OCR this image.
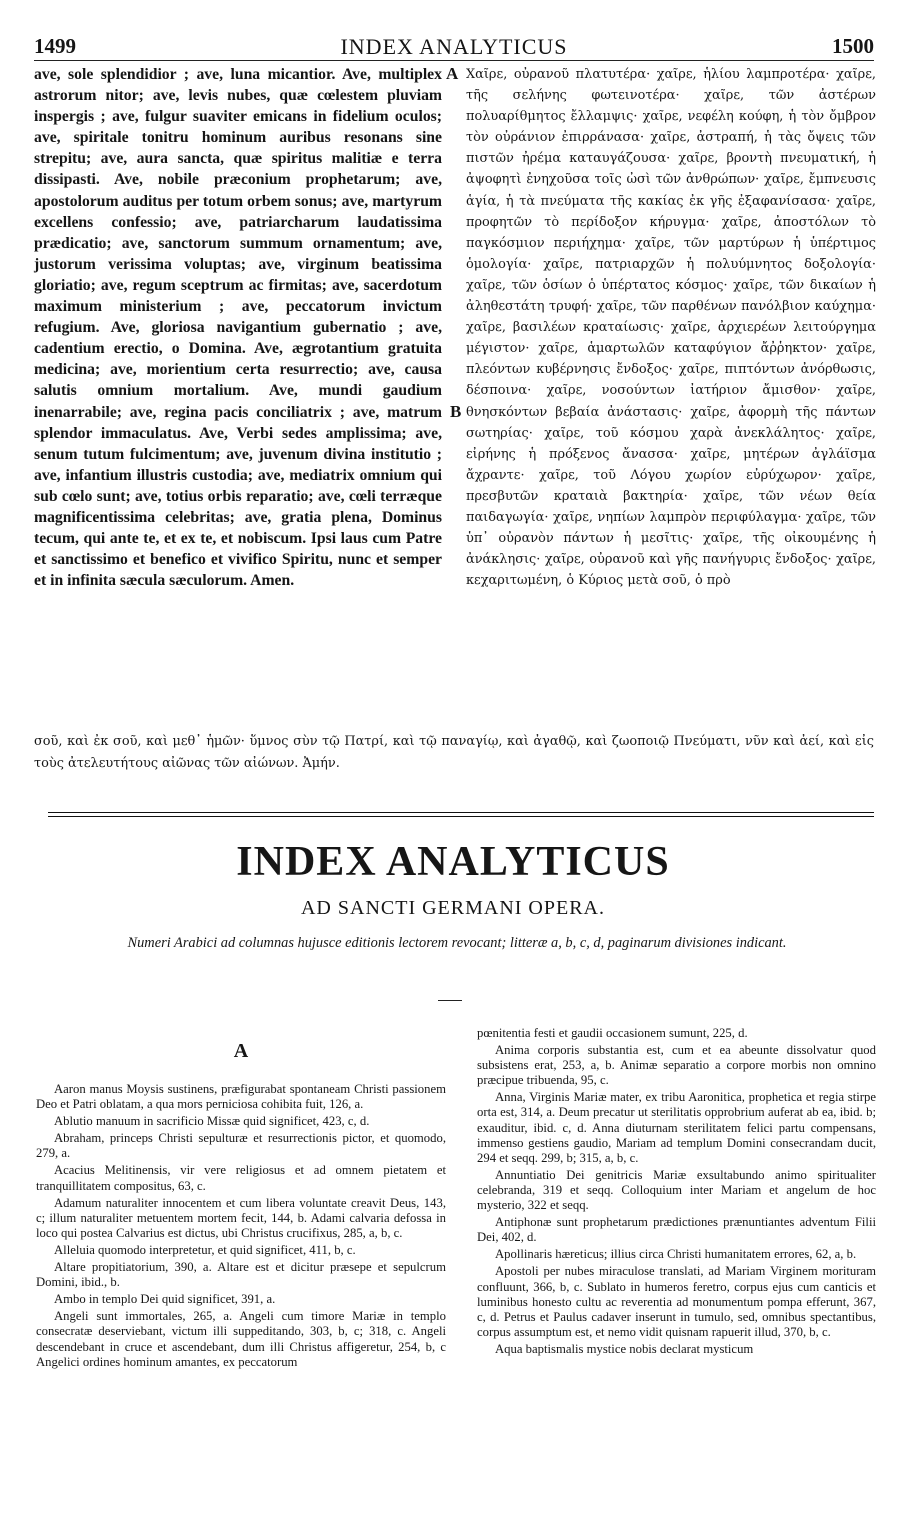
1499	INDEX ANALYTICUS	1500
ave, sole splendidior ; ave, luna micantior. Ave, multiplex astrorum nitor; ave, levis nubes, quæ cœlestem pluviam inspergis ; ave, fulgur suaviter emicans in fidelium oculos; ave, spiritale tonitru hominum auribus resonans sine strepitu; ave, aura sancta, quæ spiritus malitiæ e terra dissipasti. Ave, nobile præconium prophetarum; ave, apostolorum auditus per totum orbem sonus; ave, martyrum excellens confessio; ave, patriarcharum laudatissima prædicatio; ave, sanctorum summum ornamentum; ave, justorum verissima voluptas; ave, virginum beatissima gloriatio; ave, regum sceptrum ac firmitas; ave, sacerdotum maximum ministerium ; ave, peccatorum invictum refugium. Ave, gloriosa navigantium gubernatio ; ave, cadentium erectio, o Domina. Ave, ægrotantium gratuita medicina; ave, morientium certa resurrectio; ave, causa salutis omnium mortalium. Ave, mundi gaudium inenarrabile; ave, regina pacis conciliatrix ; ave, matrum splendor immaculatus. Ave, Verbi sedes amplissima; ave, senum tutum fulcimentum; ave, juvenum divina institutio ; ave, infantium illustris custodia; ave, mediatrix omnium qui sub cœlo sunt; ave, totius orbis reparatio; ave, cœli terræque magnificentissima celebritas; ave, gratia plena, Dominus tecum, qui ante te, et ex te, et nobiscum. Ipsi laus cum Patre et sanctissimo et benefico et vivifico Spiritu, nunc et semper et in infinita sæcula sæculorum. Amen.
A
B
Χαῖρε, οὐρανοῦ πλατυτέρα· χαῖρε, ἡλίου λαμπροτέρα· χαῖρε, τῆς σελήνης φωτεινοτέρα· χαῖρε, τῶν ἀστέρων πολυαρίθμητος ἔλλαμψις· χαῖρε, νεφέλη κούφη, ἡ τὸν ὄμβρον τὸν οὐράνιον ἐπιρράνασα· χαῖρε, ἀστραπή, ἡ τὰς ὄψεις τῶν πιστῶν ἠρέμα καταυγάζουσα· χαῖρε, βροντὴ πνευματική, ἡ ἀψοφητὶ ἐνηχοῦσα τοῖς ὠσὶ τῶν ἀνθρώπων· χαῖρε, ἔμπνευσις ἁγία, ἡ τὰ πνεύματα τῆς κακίας ἐκ γῆς ἐξαφανίσασα· χαῖρε, προφητῶν τὸ περίδοξον κήρυγμα· χαῖρε, ἀποστόλων τὸ παγκόσμιον περιήχημα· χαῖρε, τῶν μαρτύρων ἡ ὑπέρτιμος ὁμολογία· χαῖρε, πατριαρχῶν ἡ πολυύμνητος δοξολογία· χαῖρε, τῶν ὁσίων ὁ ὑπέρτατος κόσμος· χαῖρε, τῶν δικαίων ἡ ἀληθεστάτη τρυφή· χαῖρε, τῶν παρθένων πανόλβιον καύχημα· χαῖρε, βασιλέων κραταίωσις· χαῖρε, ἀρχιερέων λειτούργημα μέγιστον· χαῖρε, ἁμαρτωλῶν καταφύγιον ἄῤῥηκτον· χαῖρε, πλεόντων κυβέρνησις ἔνδοξος· χαῖρε, πιπτόντων ἀνόρθωσις, δέσποινα· χαῖρε, νοσούντων ἰατήριον ἄμισθον· χαῖρε, θνησκόντων βεβαία ἀνάστασις· χαῖρε, ἀφορμὴ τῆς πάντων σωτηρίας· χαῖρε, τοῦ κόσμου χαρὰ ἀνεκλάλητος· χαῖρε, εἰρήνης ἡ πρόξενος ἄνασσα· χαῖρε, μητέρων ἀγλάϊσμα ἄχραντε· χαῖρε, τοῦ Λόγου χωρίον εὐρύχωρον· χαῖρε, πρεσβυτῶν κραταιὰ βακτηρία· χαῖρε, τῶν νέων θεία παιδαγωγία· χαῖρε, νηπίων λαμπρὸν περιφύλαγμα· χαῖρε, τῶν ὑπ᾿ οὐρανὸν πάντων ἡ μεσῖτις· χαῖρε, τῆς οἰκουμένης ἡ ἀνάκλησις· χαῖρε, οὐρανοῦ καὶ γῆς πανήγυρις ἔνδοξος· χαῖρε, κεχαριτωμένη, ὁ Κύριος μετὰ σοῦ, ὁ πρὸ
σοῦ, καὶ ἐκ σοῦ, καὶ μεθ᾿ ἡμῶν· ὕμνος σὺν τῷ Πατρί, καὶ τῷ παναγίῳ, καὶ ἀγαθῷ, καὶ ζωοποιῷ Πνεύματι, νῦν καὶ ἀεί, καὶ εἰς τοὺς ἀτελευτήτους αἰῶνας τῶν αἰώνων. Ἀμήν.
INDEX ANALYTICUS
AD SANCTI GERMANI OPERA.
Numeri Arabici ad columnas hujusce editionis lectorem revocant; litteræ a, b, c, d, paginarum divisiones indicant.
A

Aaron manus Moysis sustinens, præfigurabat spontaneam Christi passionem Deo et Patri oblatam, a qua mors perniciosa cohibita fuit, 126, a.

Ablutio manuum in sacrificio Missæ quid significet, 423, c, d.

Abraham, princeps Christi sepulturæ et resurrectionis pictor, et quomodo, 279, a.

Acacius Melitinensis, vir vere religiosus et ad omnem pietatem et tranquillitatem compositus, 63, c.

Adamum naturaliter innocentem et cum libera voluntate creavit Deus, 143, c; illum naturaliter metuentem mortem fecit, 144, b. Adami calvaria defossa in loco qui postea Calvarius est dictus, ubi Christus crucifixus, 285, a, b, c.

Alleluia quomodo interpretetur, et quid significet, 411, b, c.

Altare propitiatorium, 390, a. Altare est et dicitur præsepe et sepulcrum Domini, ibid., b.

Ambo in templo Dei quid significet, 391, a.

Angeli sunt immortales, 265, a. Angeli cum timore Mariæ in templo consecratæ deserviebant, victum illi suppeditando, 303, b, c; 318, c. Angeli descendebant in cruce et ascendebant, dum illi Christus affigeretur, 254, b, c Angelici ordines hominum amantes, ex peccatorum

pœnitentia festi et gaudii occasionem sumunt, 225, d.

Anima corporis substantia est, cum et ea abeunte dissolvatur quod subsistens erat, 253, a, b. Animæ separatio a corpore morbis non omnino præcipue tribuenda, 95, c.

Anna, Virginis Mariæ mater, ex tribu Aaronitica, prophetica et regia stirpe orta est, 314, a. Deum precatur ut sterilitatis opprobrium auferat ab ea, ibid. b; exauditur, ibid. c, d. Anna diuturnam sterilitatem felici partu compensans, immenso gestiens gaudio, Mariam ad templum Domini consecrandam ducit, 294 et seqq. 299, b; 315, a, b, c.

Annuntiatio Dei genitricis Mariæ exsultabundo animo spiritualiter celebranda, 319 et seqq. Colloquium inter Mariam et angelum de hoc mysterio, 322 et seqq.

Antiphonæ sunt prophetarum prædictiones prænuntiantes adventum Filii Dei, 402, d.

Apollinaris hæreticus; illius circa Christi humanitatem errores, 62, a, b.

Apostoli per nubes miraculose translati, ad Mariam Virginem morituram confluunt, 366, b, c. Sublato in humeros feretro, corpus ejus cum canticis et luminibus honesto cultu ac reverentia ad monumentum pompa efferunt, 367, c, d. Petrus et Paulus cadaver inserunt in tumulo, sed, omnibus spectantibus, corpus assumptum est, et nemo vidit quisnam rapuerit illud, 370, b, c.

Aqua baptismalis mystice nobis declarat mysticum
